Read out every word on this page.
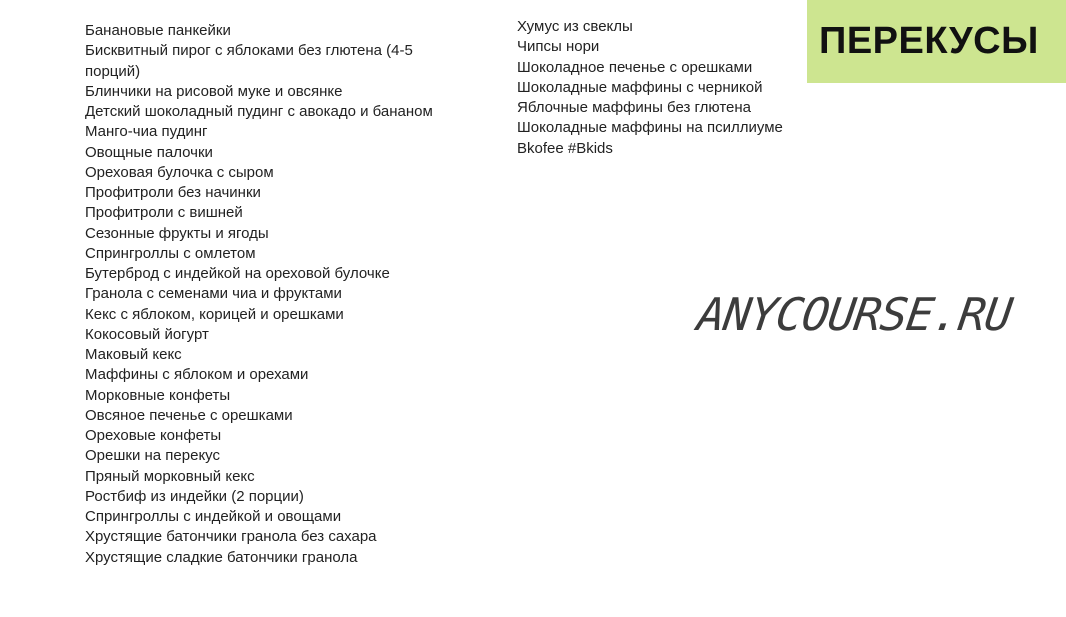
Банановые панкейки
Бисквитный пирог с яблоками без глютена (4-5 порций)
Блинчики на рисовой муке и овсянке
Детский шоколадный пудинг с авокадо и бананом
Манго-чиа пудинг
Овощные палочки
Ореховая булочка с сыром
Профитроли без начинки
Профитроли с вишней
Сезонные фрукты и ягоды
Спрингроллы с омлетом
Бутерброд с индейкой на ореховой булочке
Гранола с семенами чиа и фруктами
Кекс с яблоком, корицей и орешками
Кокосовый йогурт
Маковый кекс
Маффины с яблоком и орехами
Морковные конфеты
Овсяное печенье с орешками
Ореховые конфеты
Орешки на перекус
Пряный морковный кекс
Ростбиф из индейки (2 порции)
Спрингроллы с индейкой и овощами
Хрустящие батончики гранола без сахара
Хрустящие сладкие батончики гранола
Хумус из свеклы
Чипсы нори
Шоколадное печенье с орешками
Шоколадные маффины с черникой
Яблочные маффины без глютена
Шоколадные маффины на псиллиуме
Bkofee #Bkids
ПЕРЕКУСЫ
ANYCOURSE.RU
